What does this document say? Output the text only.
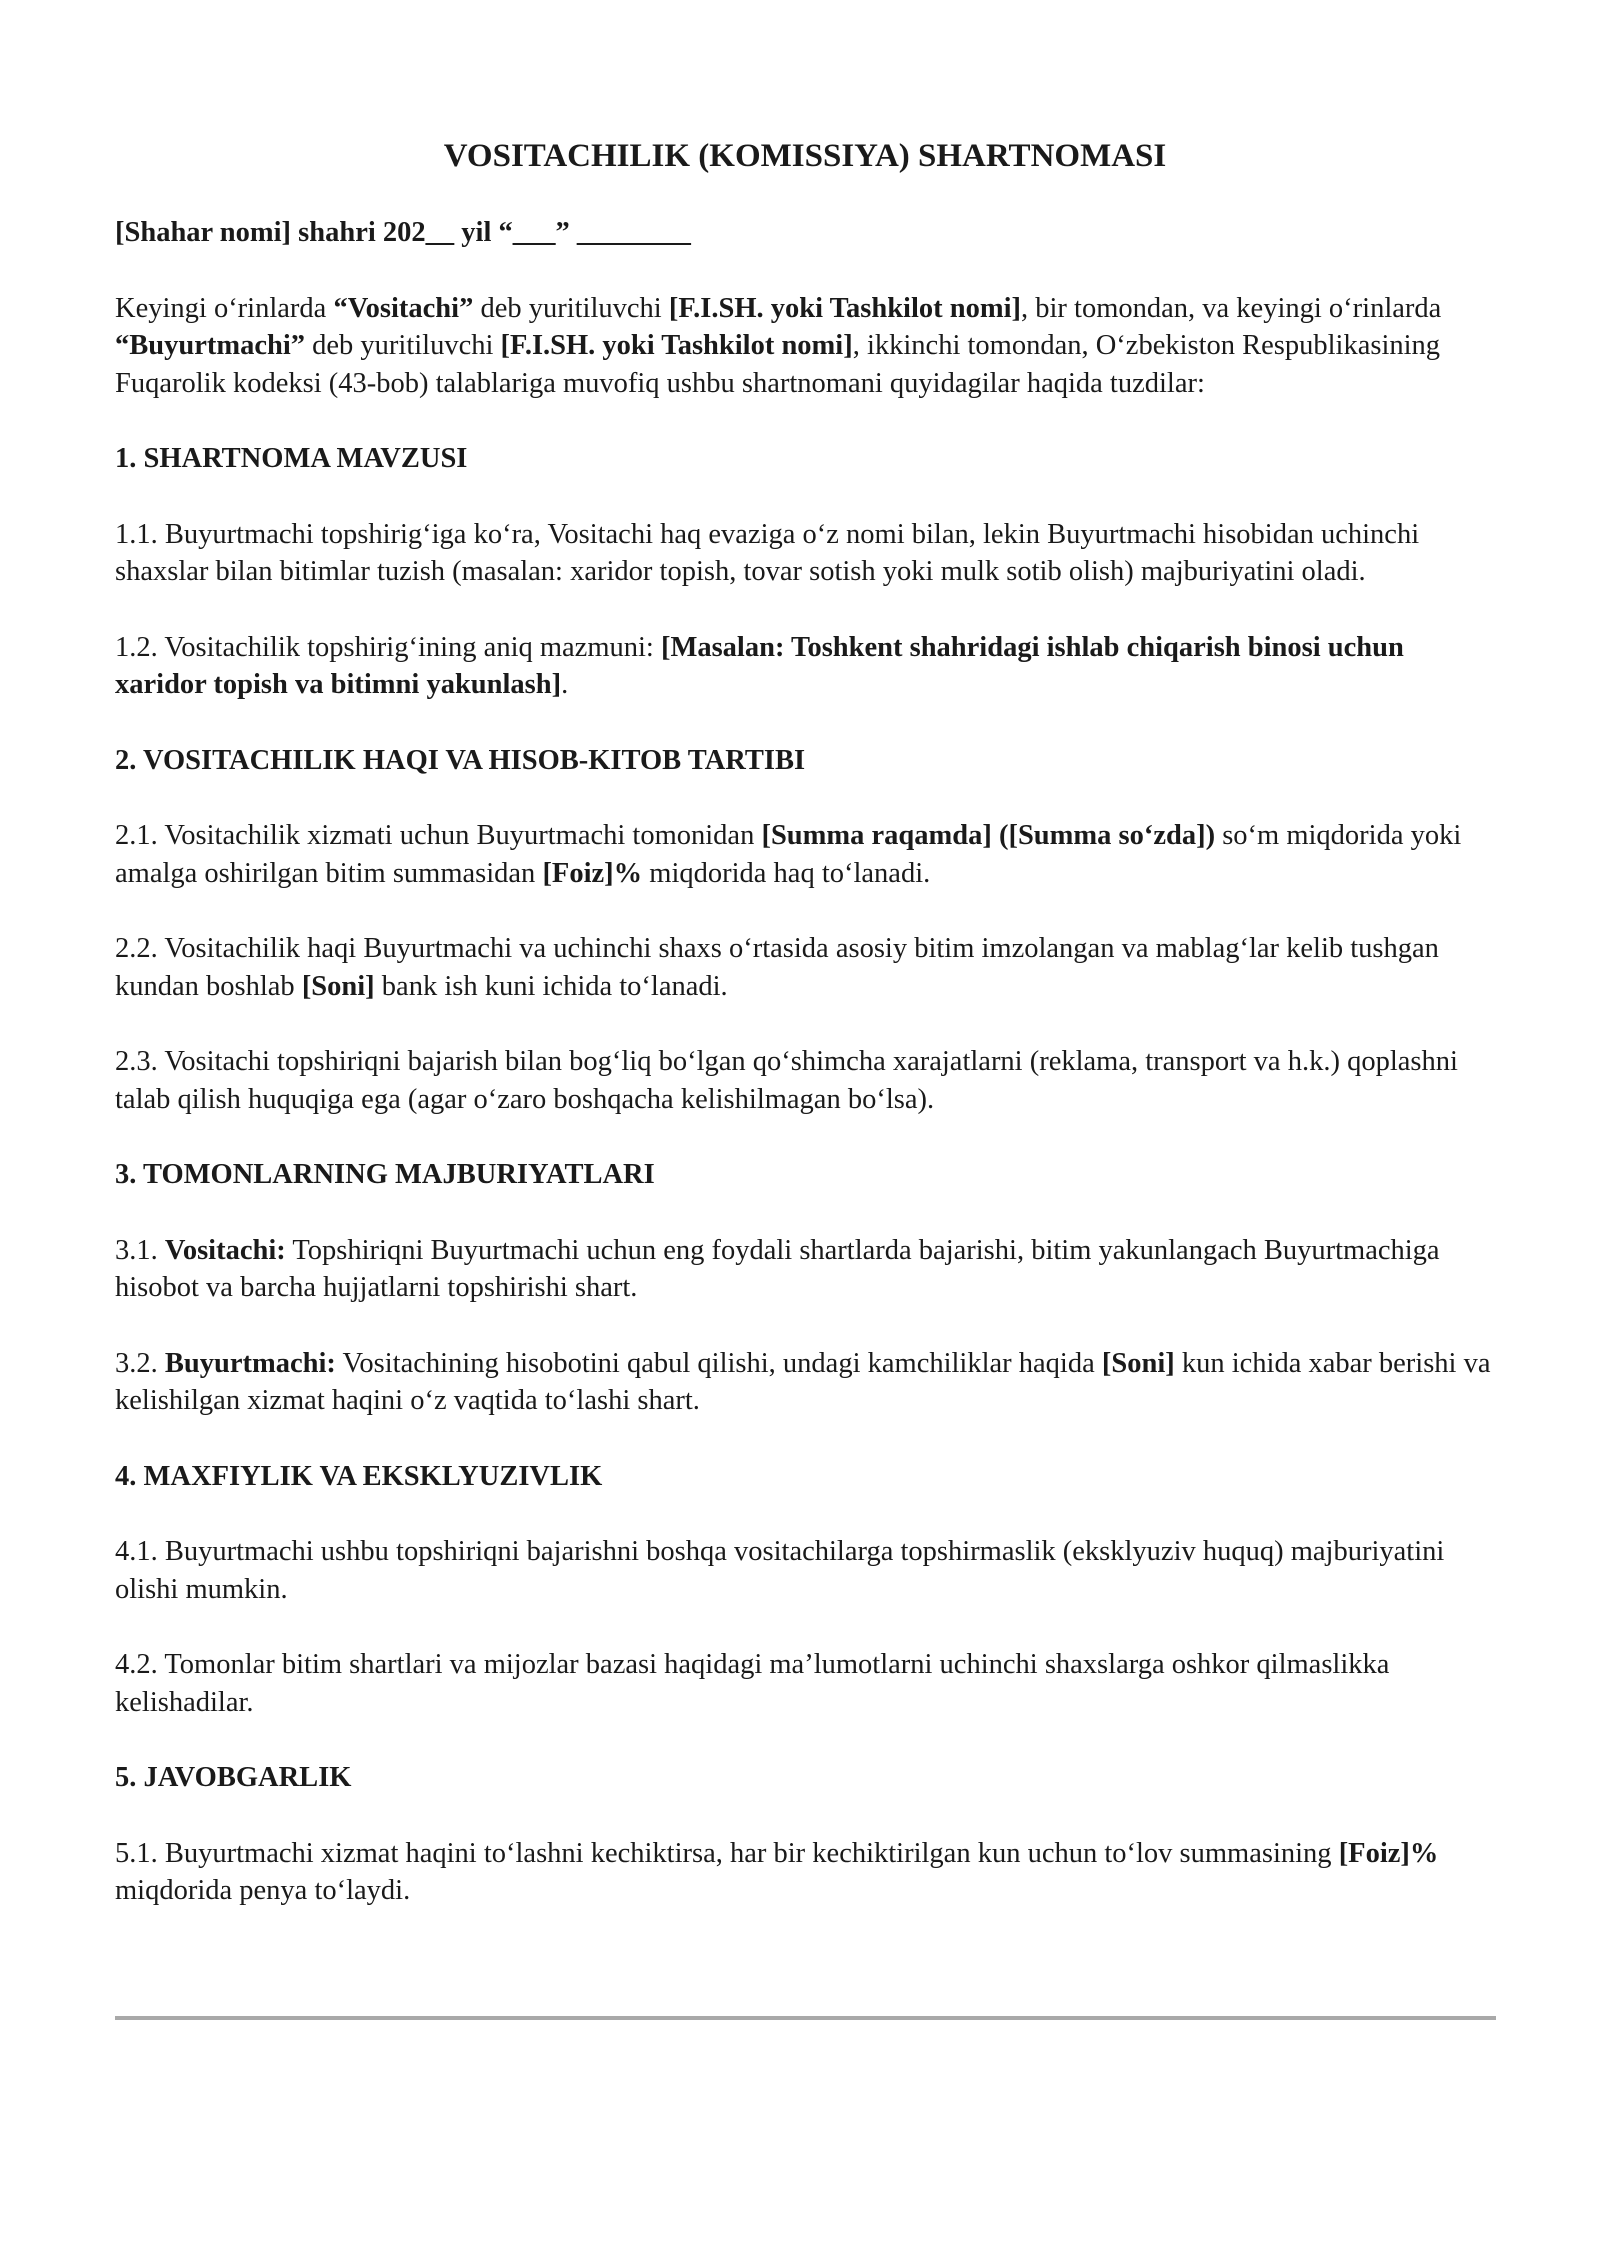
VOSITACHILIK (KOMISSIYA) SHARTNOMASI

[Shahar nomi] shahri 202__ yil “___” ________

Keyingi o‘rinlarda “Vositachi” deb yuritiluvchi [F.I.SH. yoki Tashkilot nomi], bir tomondan, va keyingi o‘rinlarda “Buyurtmachi” deb yuritiluvchi [F.I.SH. yoki Tashkilot nomi], ikkinchi tomondan, O‘zbekiston Respublikasining Fuqarolik kodeksi (43-bob) talablariga muvofiq ushbu shartnomani quyidagilar haqida tuzdilar:

1. SHARTNOMA MAVZUSI

1.1. Buyurtmachi topshirig‘iga ko‘ra, Vositachi haq evaziga o‘z nomi bilan, lekin Buyurtmachi hisobidan uchinchi shaxslar bilan bitimlar tuzish (masalan: xaridor topish, tovar sotish yoki mulk sotib olish) majburiyatini oladi.

1.2. Vositachilik topshirig‘ining aniq mazmuni: [Masalan: Toshkent shahridagi ishlab chiqarish binosi uchun xaridor topish va bitimni yakunlash].

2. VOSITACHILIK HAQI VA HISOB-KITOB TARTIBI

2.1. Vositachilik xizmati uchun Buyurtmachi tomonidan [Summa raqamda] ([Summa so‘zda]) so‘m miqdorida yoki amalga oshirilgan bitim summasidan [Foiz]% miqdorida haq to‘lanadi.

2.2. Vositachilik haqi Buyurtmachi va uchinchi shaxs o‘rtasida asosiy bitim imzolangan va mablag‘lar kelib tushgan kundan boshlab [Soni] bank ish kuni ichida to‘lanadi.

2.3. Vositachi topshiriqni bajarish bilan bog‘liq bo‘lgan qo‘shimcha xarajatlarni (reklama, transport va h.k.) qoplashni talab qilish huquqiga ega (agar o‘zaro boshqacha kelishilmagan bo‘lsa).

3. TOMONLARNING MAJBURIYATLARI

3.1. Vositachi: Topshiriqni Buyurtmachi uchun eng foydali shartlarda bajarishi, bitim yakunlangach Buyurtmachiga hisobot va barcha hujjatlarni topshirishi shart.

3.2. Buyurtmachi: Vositachining hisobotini qabul qilishi, undagi kamchiliklar haqida [Soni] kun ichida xabar berishi va kelishilgan xizmat haqini o‘z vaqtida to‘lashi shart.

4. MAXFIYLIK VA EKSKLYUZIVLIK

4.1. Buyurtmachi ushbu topshiriqni bajarishni boshqa vositachilarga topshirmaslik (eksklyuziv huquq) majburiyatini olishi mumkin.

4.2. Tomonlar bitim shartlari va mijozlar bazasi haqidagi ma’lumotlarni uchinchi shaxslarga oshkor qilmaslikka kelishadilar.

5. JAVOBGARLIK

5.1. Buyurtmachi xizmat haqini to‘lashni kechiktirsa, har bir kechiktirilgan kun uchun to‘lov summasining [Foiz]% miqdorida penya to‘laydi.
